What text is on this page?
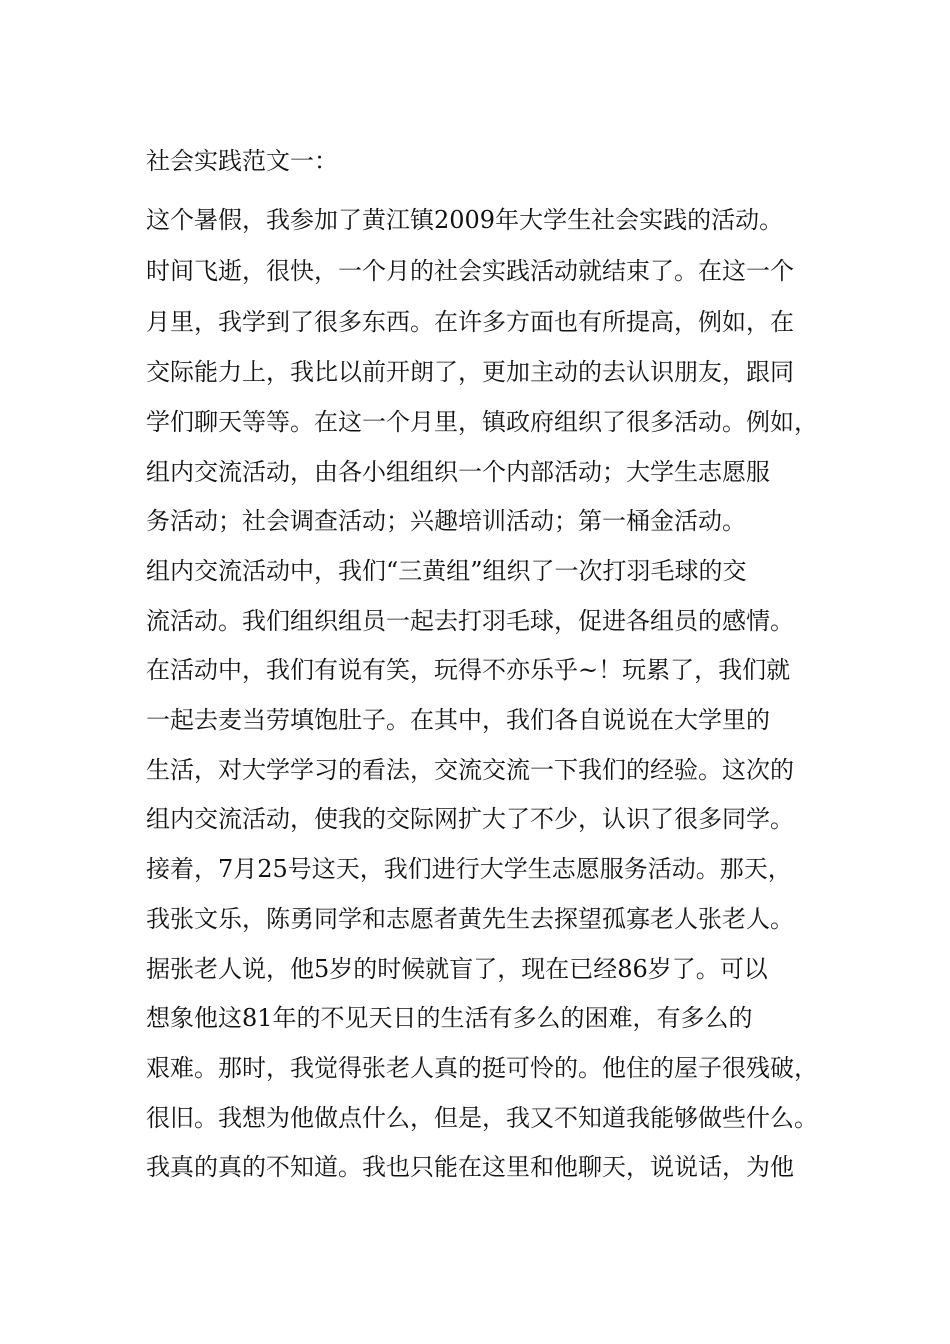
社会实践范文一：
这个暑假，我参加了黄江镇2009年大学生社会实践的活动。
时间飞逝，很快，一个月的社会实践活动就结束了。在这一个
月里，我学到了很多东西。在许多方面也有所提高，例如，在
交际能力上，我比以前开朗了，更加主动的去认识朋友，跟同
学们聊天等等。在这一个月里，镇政府组织了很多活动。例如，
组内交流活动，由各小组组织一个内部活动；大学生志愿服
务活动；社会调查活动；兴趣培训活动；第一桶金活动。
组内交流活动中，我们“三黄组”组织了一次打羽毛球的交
流活动。我们组织组员一起去打羽毛球，促进各组员的感情。
在活动中，我们有说有笑，玩得不亦乐乎~！玩累了，我们就
一起去麦当劳填饱肚子。在其中，我们各自说说在大学里的
生活，对大学学习的看法，交流交流一下我们的经验。这次的
组内交流活动，使我的交际网扩大了不少，认识了很多同学。
接着，7月25号这天，我们进行大学生志愿服务活动。那天，
我张文乐，陈勇同学和志愿者黄先生去探望孤寡老人张老人。
据张老人说，他5岁的时候就盲了，现在已经86岁了。可以
想象他这81年的不见天日的生活有多么的困难，有多么的
艰难。那时，我觉得张老人真的挺可怜的。他住的屋子很残破，
很旧。我想为他做点什么，但是，我又不知道我能够做些什么。
我真的真的不知道。我也只能在这里和他聊天，说说话，为他
